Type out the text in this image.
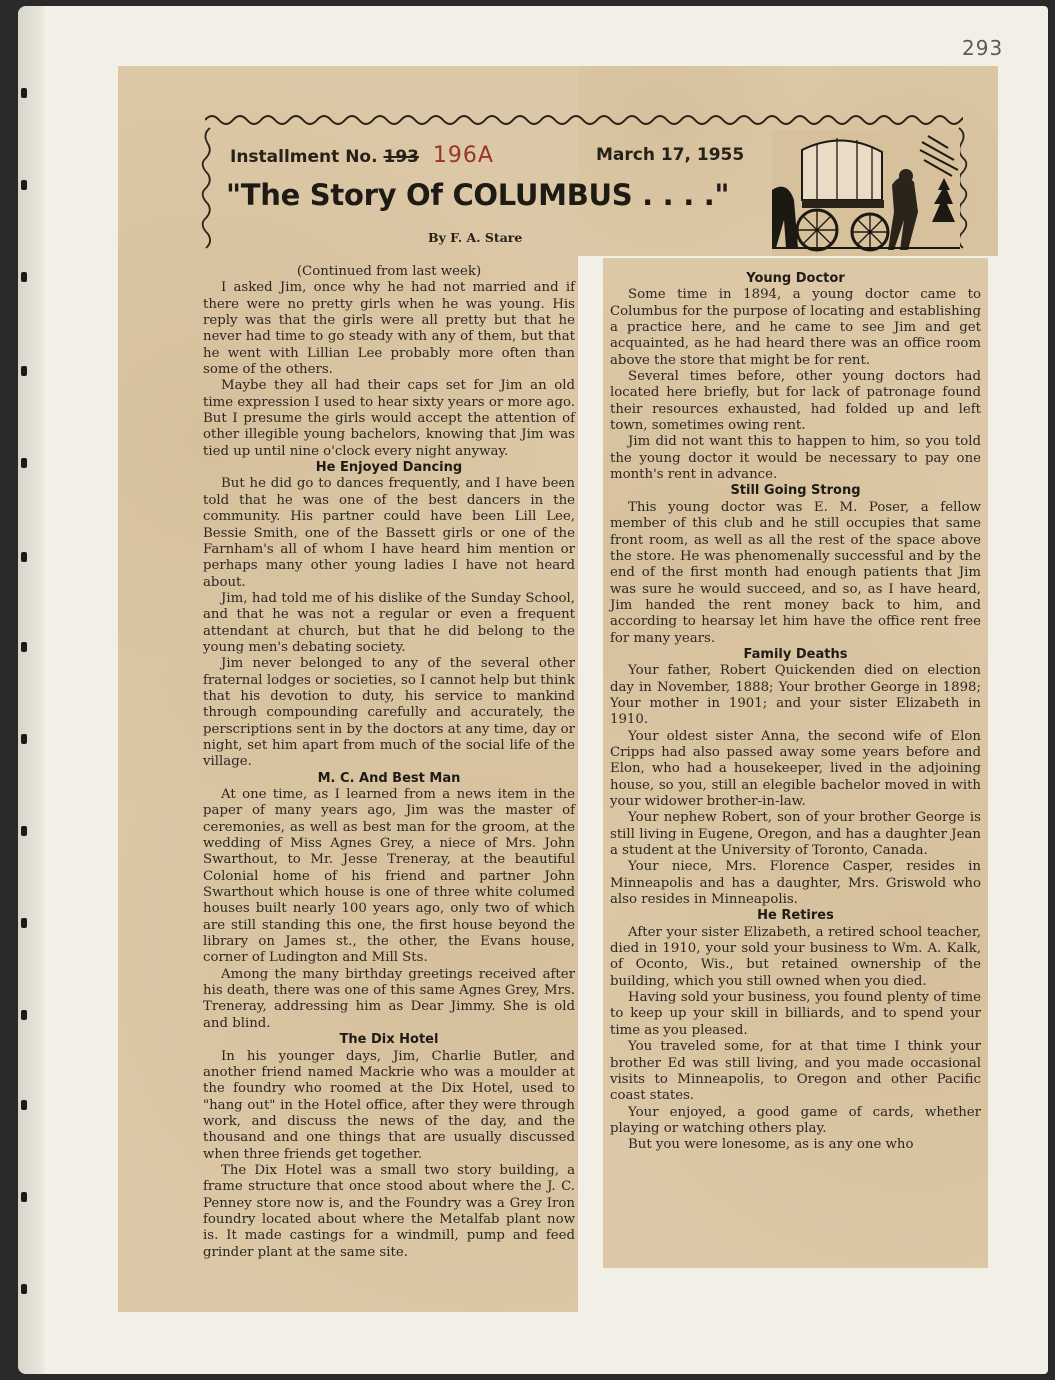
293
Installment No. 193 196A	March 17, 1955
"The Story Of COLUMBUS . . . ."
By F. A. Stare

(Continued from last week)

I asked Jim, once why he had not married and if there were no pretty girls when he was young. His reply was that the girls were all pretty but that he never had time to go steady with any of them, but that he went with Lillian Lee probably more often than some of the others.

Maybe they all had their caps set for Jim an old time expression I used to hear sixty years or more ago. But I presume the girls would accept the attention of other illegible young bachelors, knowing that Jim was tied up until nine o'clock every night anyway.

He Enjoyed Dancing

But he did go to dances frequently, and I have been told that he was one of the best dancers in the community. His partner could have been Lill Lee, Bessie Smith, one of the Bassett girls or one of the Farnham's all of whom I have heard him mention or perhaps many other young ladies I have not heard about.

Jim, had told me of his dislike of the Sunday School, and that he was not a regular or even a frequent attendant at church, but that he did belong to the young men's debating society.

Jim never belonged to any of the several other fraternal lodges or societies, so I cannot help but think that his devotion to duty, his service to mankind through compounding carefully and accurately, the perscriptions sent in by the doctors at any time, day or night, set him apart from much of the social life of the village.

M. C. And Best Man

At one time, as I learned from a news item in the paper of many years ago, Jim was the master of ceremonies, as well as best man for the groom, at the wedding of Miss Agnes Grey, a niece of Mrs. John Swarthout, to Mr. Jesse Treneray, at the beautiful Colonial home of his friend and partner John Swarthout which house is one of three white columed houses built nearly 100 years ago, only two of which are still standing this one, the first house beyond the library on James st., the other, the Evans house, corner of Ludington and Mill Sts.

Among the many birthday greetings received after his death, there was one of this same Agnes Grey, Mrs. Treneray, addressing him as Dear Jimmy. She is old and blind.

The Dix Hotel

In his younger days, Jim, Charlie Butler, and another friend named Mackrie who was a moulder at the foundry who roomed at the Dix Hotel, used to "hang out" in the Hotel office, after they were through work, and discuss the news of the day, and the thousand and one things that are usually discussed when three friends get together.

The Dix Hotel was a small two story building, a frame structure that once stood about where the J. C. Penney store now is, and the Foundry was a Grey Iron foundry located about where the Metalfab plant now is. It made castings for a windmill, pump and feed grinder plant at the same site.

Young Doctor

Some time in 1894, a young doctor came to Columbus for the purpose of locating and establishing a practice here, and he came to see Jim and get acquainted, as he had heard there was an office room above the store that might be for rent.

Several times before, other young doctors had located here briefly, but for lack of patronage found their resources exhausted, had folded up and left town, sometimes owing rent.

Jim did not want this to happen to him, so you told the young doctor it would be necessary to pay one month's rent in advance.

Still Going Strong

This young doctor was E. M. Poser, a fellow member of this club and he still occupies that same front room, as well as all the rest of the space above the store. He was phenomenally successful and by the end of the first month had enough patients that Jim was sure he would succeed, and so, as I have heard, Jim handed the rent money back to him, and according to hearsay let him have the office rent free for many years.

Family Deaths

Your father, Robert Quickenden died on election day in November, 1888; Your brother George in 1898; Your mother in 1901; and your sister Elizabeth in 1910.

Your oldest sister Anna, the second wife of Elon Cripps had also passed away some years before and Elon, who had a housekeeper, lived in the adjoining house, so you, still an elegible bachelor moved in with your widower brother-in-law.

Your nephew Robert, son of your brother George is still living in Eugene, Oregon, and has a daughter Jean a student at the University of Toronto, Canada.

Your niece, Mrs. Florence Casper, resides in Minneapolis and has a daughter, Mrs. Griswold who also resides in Minneapolis.

He Retires

After your sister Elizabeth, a retired school teacher, died in 1910, your sold your business to Wm. A. Kalk, of Oconto, Wis., but retained ownership of the building, which you still owned when you died.

Having sold your business, you found plenty of time to keep up your skill in billiards, and to spend your time as you pleased.

You traveled some, for at that time I think your brother Ed was still living, and you made occasional visits to Minneapolis, to Oregon and other Pacific coast states.

Your enjoyed, a good game of cards, whether playing or watching others play.

But you were lonesome, as is any one who
